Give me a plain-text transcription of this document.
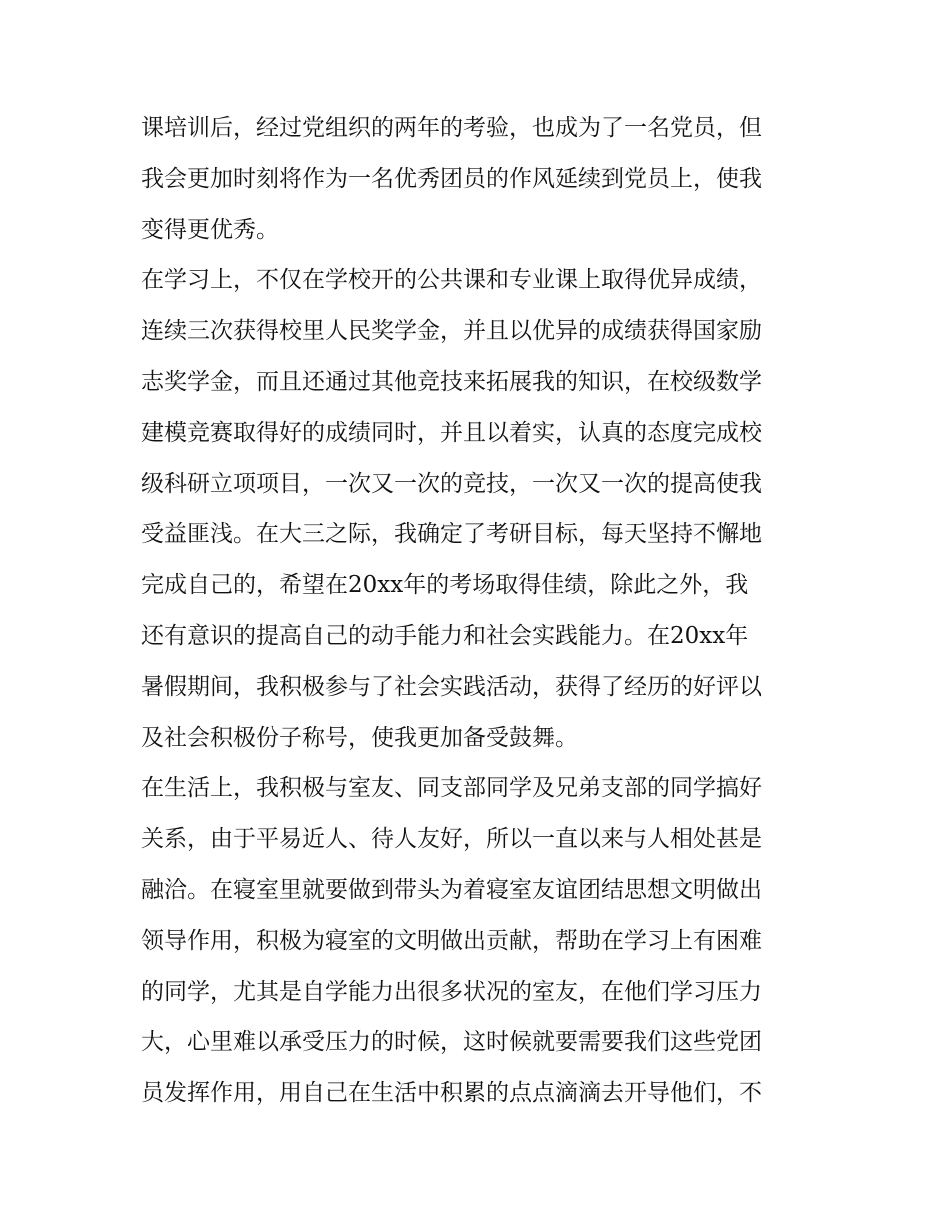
课培训后，经过党组织的两年的考验，也成为了一名党员，但
我会更加时刻将作为一名优秀团员的作风延续到党员上，使我
变得更优秀。
在学习上，不仅在学校开的公共课和专业课上取得优异成绩，
连续三次获得校里人民奖学金，并且以优异的成绩获得国家励
志奖学金，而且还通过其他竞技来拓展我的知识，在校级数学
建模竞赛取得好的成绩同时，并且以着实，认真的态度完成校
级科研立项项目，一次又一次的竞技，一次又一次的提高使我
受益匪浅。在大三之际，我确定了考研目标，每天坚持不懈地
完成自己的，希望在20xx年的考场取得佳绩，除此之外，我
还有意识的提高自己的动手能力和社会实践能力。在20xx年
暑假期间，我积极参与了社会实践活动，获得了经历的好评以
及社会积极份子称号，使我更加备受鼓舞。
在生活上，我积极与室友、同支部同学及兄弟支部的同学搞好
关系，由于平易近人、待人友好，所以一直以来与人相处甚是
融洽。在寝室里就要做到带头为着寝室友谊团结思想文明做出
领导作用，积极为寝室的文明做出贡献，帮助在学习上有困难
的同学，尤其是自学能力出很多状况的室友，在他们学习压力
大，心里难以承受压力的时候，这时候就要需要我们这些党团
员发挥作用，用自己在生活中积累的点点滴滴去开导他们，不
